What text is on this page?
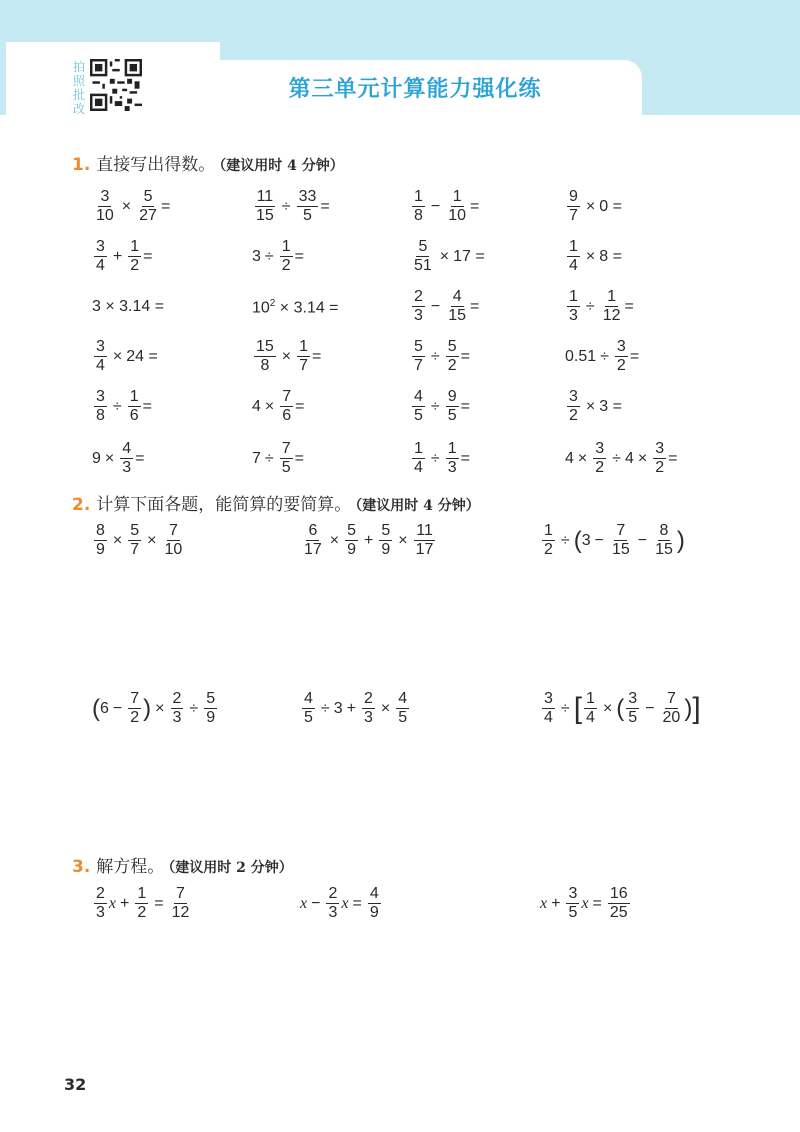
拍照批改
第三单元计算能力强化练
1. 直接写出得数。 （建议用时 4 分钟）
$\frac{3}{10} \times \frac{5}{27}$ =	$\frac{11}{15} \div \frac{33}{5}$ =	$\frac{1}{8} - \frac{1}{10}$ =	$\frac{9}{7} \times 0$ =
$\frac{3}{4} + \frac{1}{2}$ =	$3 \div \frac{1}{2}$ =	$\frac{5}{51} \times 17$ =	$\frac{1}{4} \times 8$ =
3 × 3.14 =	$10^2 \times 3.14$ =	$\frac{2}{3} - \frac{4}{15}$ =	$\frac{1}{3} \div \frac{1}{12}$ =
$\frac{3}{4} \times 24$ =	$\frac{15}{8} \times \frac{1}{7}$ =	$\frac{5}{7} \div \frac{5}{2}$ =	$0.51 \div \frac{3}{2}$ =
$\frac{3}{8} \div \frac{1}{6}$ =	$4 \times \frac{7}{6}$ =	$\frac{4}{5} \div \frac{9}{5}$ =	$\frac{3}{2} \times 3$ =
$9 \times \frac{4}{3}$ =	$7 \div \frac{7}{5}$ =	$\frac{1}{4} \div \frac{1}{3}$ =	$4 \times \frac{3}{2} \div 4 \times \frac{3}{2}$ =
2. 计算下面各题，能简算的要简算。 （建议用时 4 分钟）
$\frac{8}{9} \times \frac{5}{7} \times \frac{7}{10}$	$\frac{6}{17} \times \frac{5}{9} + \frac{5}{9} \times \frac{11}{17}$	$\frac{1}{2}$ ÷ ( $3 - \frac{7}{15} - \frac{8}{15}$ )
( $6 - \frac{7}{2}$ ) × $\frac{2}{3} \div \frac{5}{9}$	$\frac{4}{5} \div 3 + \frac{2}{3} \times \frac{4}{5}$	$\frac{3}{4}$ ÷ [ $\frac{1}{4}$ × ( $\frac{3}{5} - \frac{7}{20}$ ) ]
3. 解方程。 （建议用时 2 分钟）
$\frac{2}{3}$ $x + \frac{1}{2} = \frac{7}{12}$	$x - \frac{2}{3}$ $x = \frac{4}{9}$	$x + \frac{3}{5}$ $x = \frac{16}{25}$
32
